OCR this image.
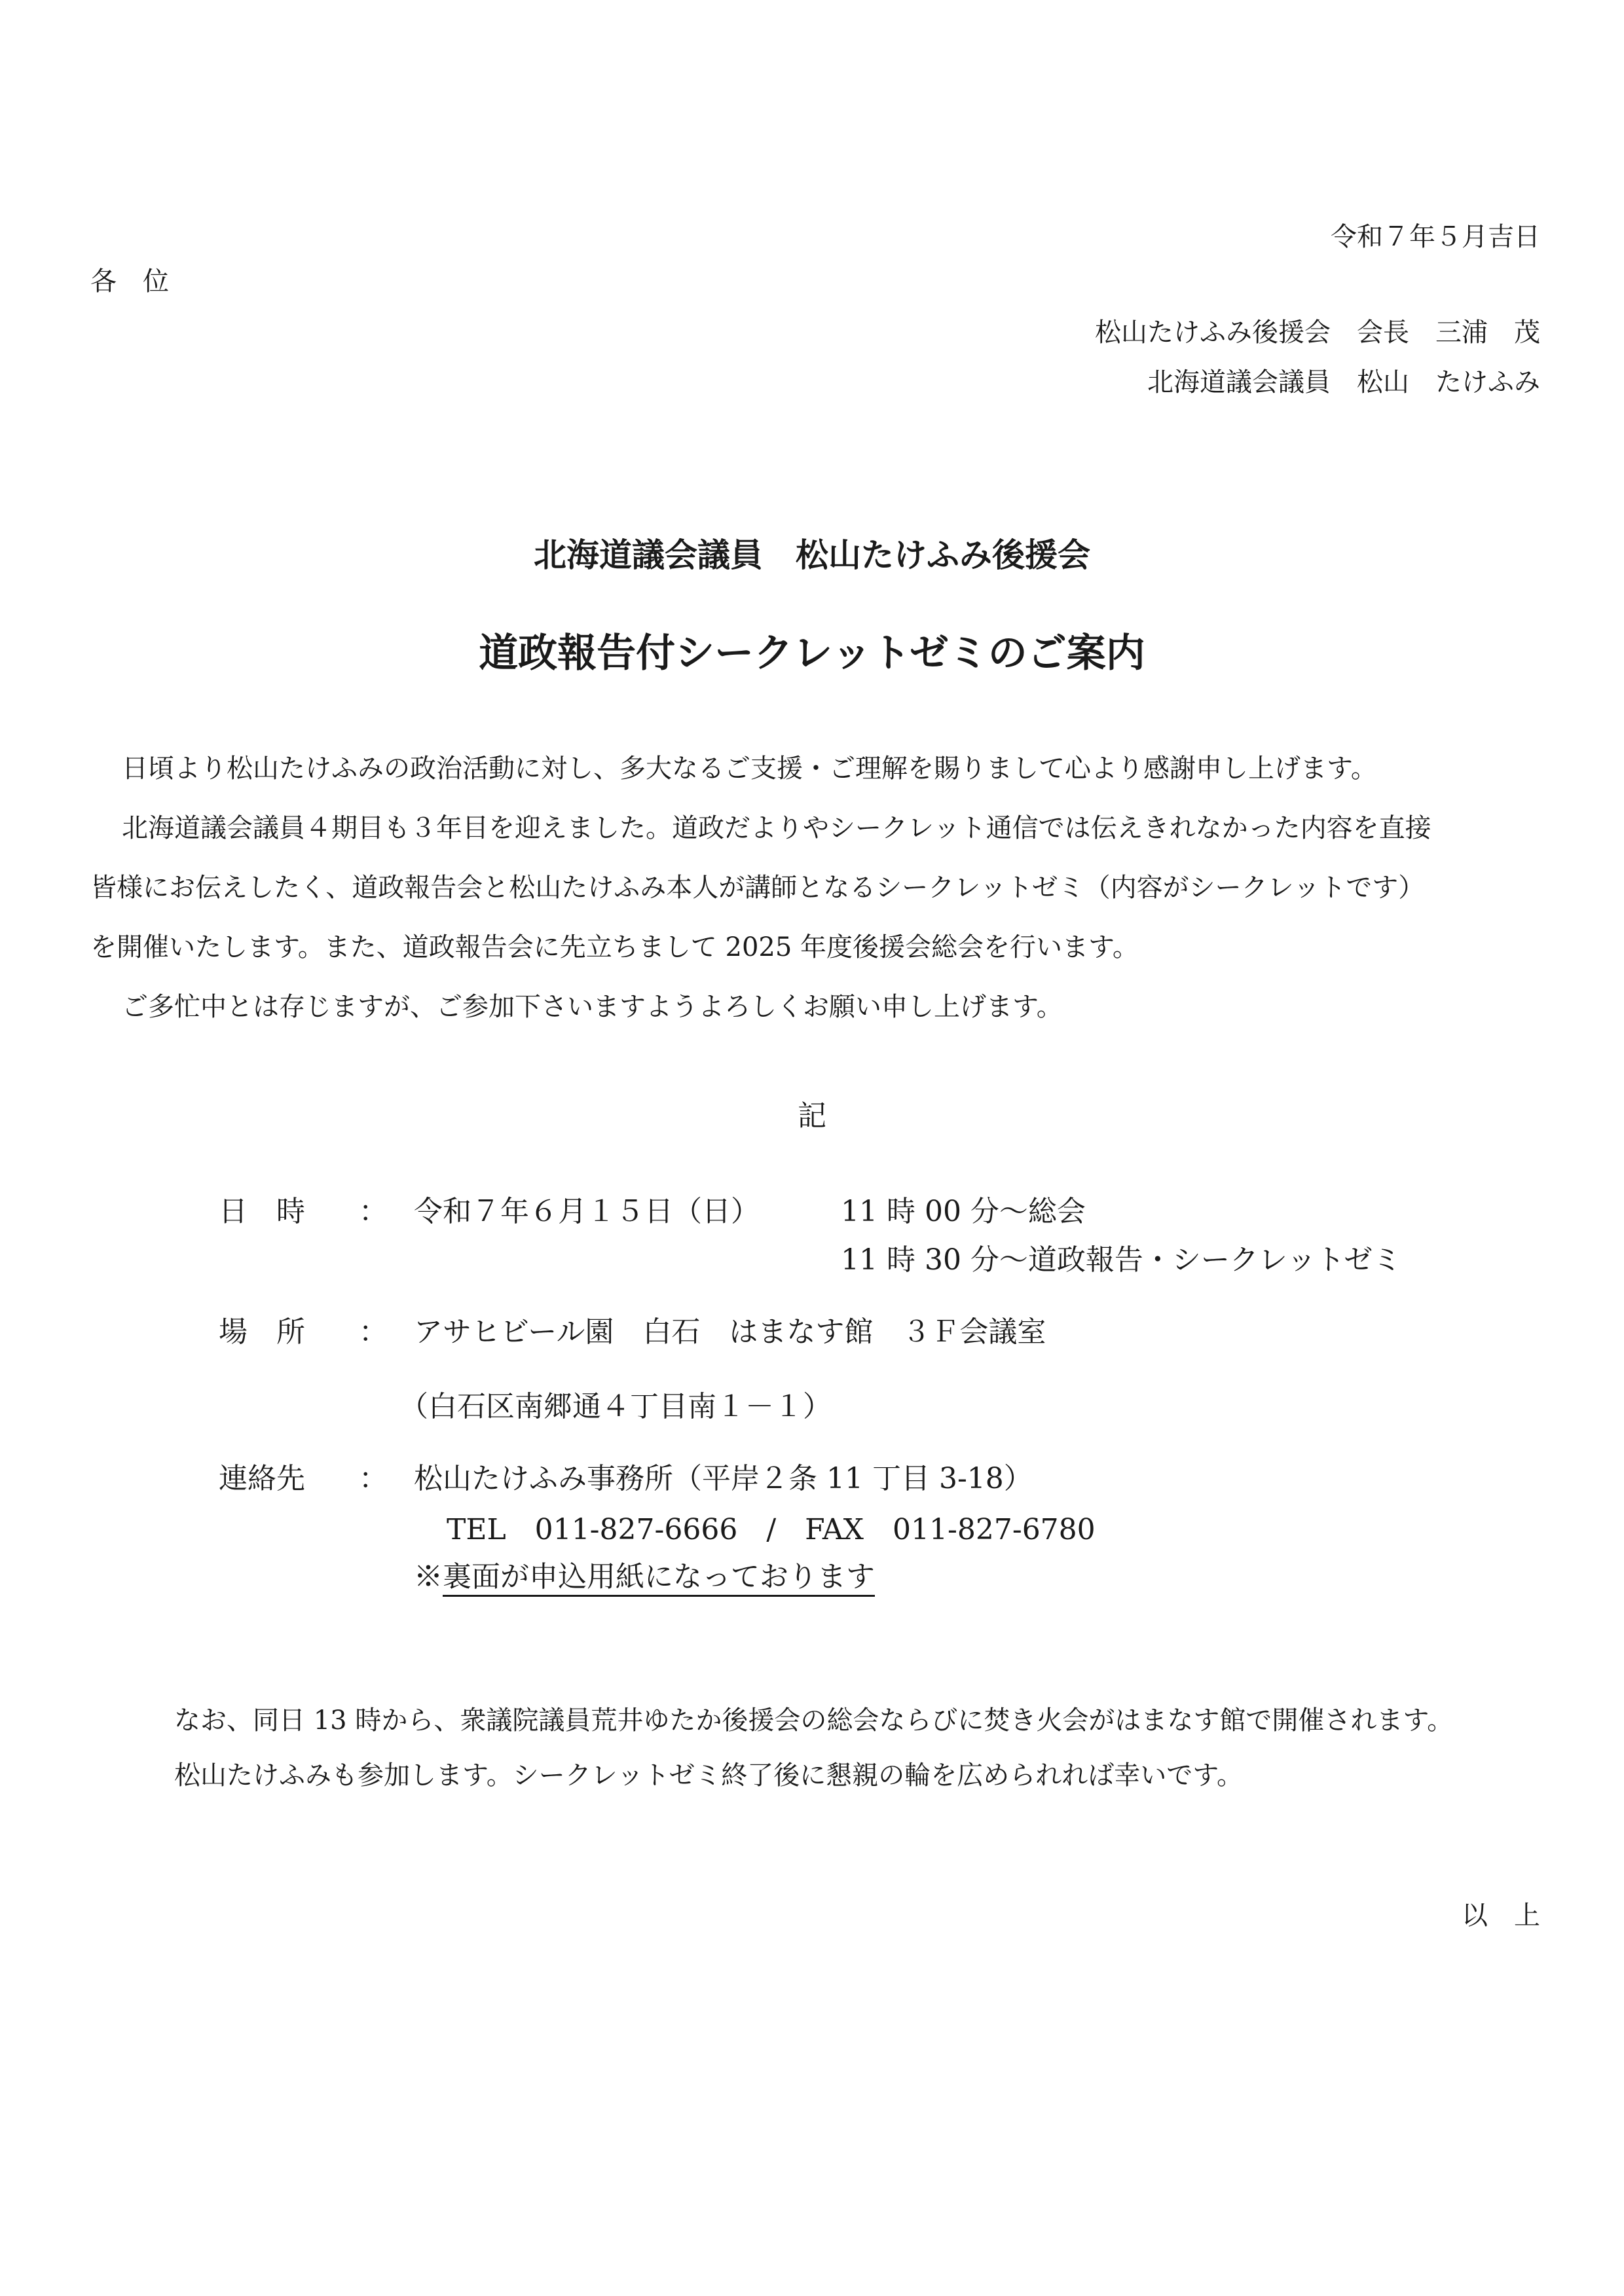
令和７年５月吉日
各　位
松山たけふみ後援会　会長　三浦　茂
北海道議会議員　松山　たけふみ
北海道議会議員　松山たけふみ後援会
道政報告付シークレットゼミのご案内
日頃より松山たけふみの政治活動に対し、多大なるご支援・ご理解を賜りまして心より感謝申し上げます。
北海道議会議員４期目も３年目を迎えました。道政だよりやシークレット通信では伝えきれなかった内容を直接
皆様にお伝えしたく、道政報告会と松山たけふみ本人が講師となるシークレットゼミ（内容がシークレットです）
を開催いたします。また、道政報告会に先立ちまして 2025 年度後援会総会を行います。
ご多忙中とは存じますが、ご参加下さいますようよろしくお願い申し上げます。
記
日　時 ： 令和７年６月１５日（日）	11 時 00 分～総会
11 時 30 分～道政報告・シークレットゼミ
場　所 ： アサヒビール園　白石　はまなす館　３Ｆ会議室
（白石区南郷通４丁目南１－１）
連絡先 ： 松山たけふみ事務所（平岸２条 11 丁目 3-18）
TEL　011-827-6666　/　FAX　011-827-6780
※裏面が申込用紙になっております
なお、同日 13 時から、衆議院議員荒井ゆたか後援会の総会ならびに焚き火会がはまなす館で開催されます。
松山たけふみも参加します。シークレットゼミ終了後に懇親の輪を広められれば幸いです。
以　上
